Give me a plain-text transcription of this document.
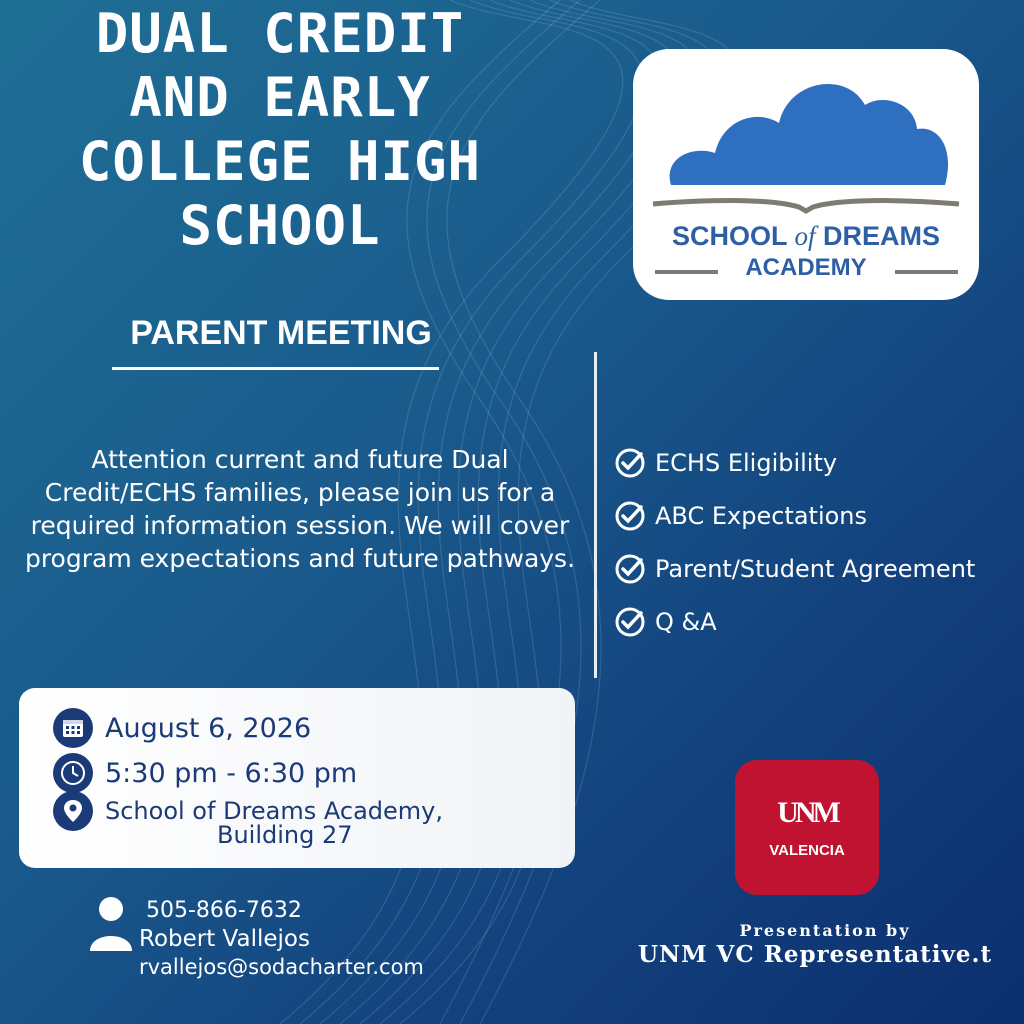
DUAL CREDIT
AND EARLY
COLLEGE HIGH
SCHOOL	SCHOOL of DREAMS
ACADEMY
PARENT MEETING
Attention current and future Dual Credit/ECHS families, please join us for a required information session. We will cover program expectations and future pathways.
ECHS Eligibility
ABC Expectations
Parent/Student Agreement
Q &A
August 6, 2026
5:30 pm - 6:30 pm
School of Dreams Academy,
Building 27
505-866-7632
Robert Vallejos
rvallejos@sodacharter.com
UNM
VALENCIA
Presentation by
UNM VC Representative.t
